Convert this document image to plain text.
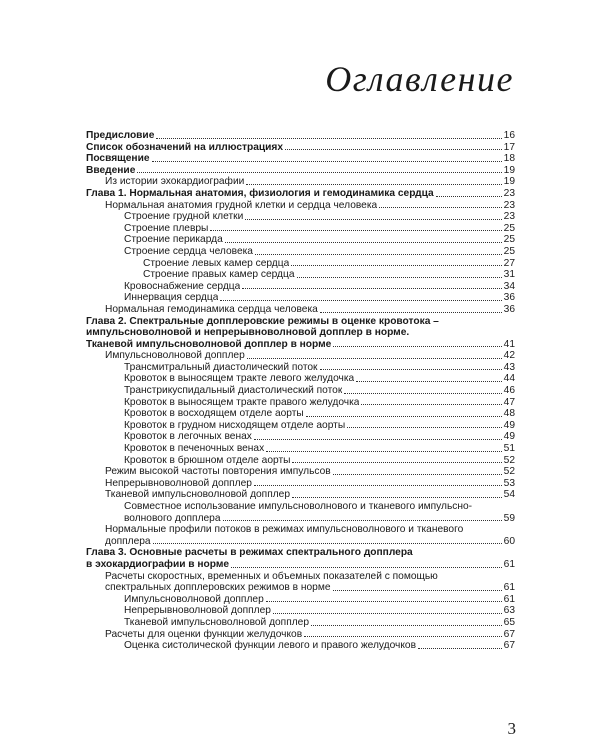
Оглавление
Предисловие	16
Список обозначений на иллюстрациях	17
Посвящение	18
Введение	19
Из истории эхокардиографии	19
Глава 1. Нормальная анатомия, физиология и гемодинамика сердца	23
Нормальная анатомия грудной клетки и сердца человека	23
Строение грудной клетки	23
Строение плевры	25
Строение перикарда	25
Строение сердца человека	25
Строение левых камер сердца	27
Строение правых камер сердца	31
Кровоснабжение сердца	34
Иннервация сердца	36
Нормальная гемодинамика сердца человека	36
Глава 2. Спектральные допплеровские режимы в оценке кровотока –
импульсноволновой и непрерывноволновой допплер в норме.
Тканевой импульсноволновой допплер в норме	41
Импульсноволновой допплер	42
Трансмитральный диастолический поток	43
Кровоток в выносящем тракте левого желудочка	44
Транстрикуспидальный диастолический поток	46
Кровоток в выносящем тракте правого желудочка	47
Кровоток в восходящем отделе аорты	48
Кровоток в грудном нисходящем отделе аорты	49
Кровоток в легочных венах	49
Кровоток в печеночных венах	51
Кровоток в брюшном отделе аорты	52
Режим высокой частоты повторения импульсов	52
Непрерывноволновой допплер	53
Тканевой импульсноволновой допплер	54
Совместное использование импульсноволнового и тканевого импульсно-
волнового допплера	59
Нормальные профили потоков в режимах импульсноволнового и тканевого
допплера	60
Глава 3. Основные расчеты в режимах спектрального допплера
в эхокардиографии в норме	61
Расчеты скоростных, временных и объемных показателей с помощью
спектральных допплеровских режимов в норме	61
Импульсноволновой допплер	61
Непрерывноволновой допплер	63
Тканевой импульсноволновой допплер	65
Расчеты для оценки функции желудочков	67
Оценка систолической функции левого и правого желудочков	67
3
